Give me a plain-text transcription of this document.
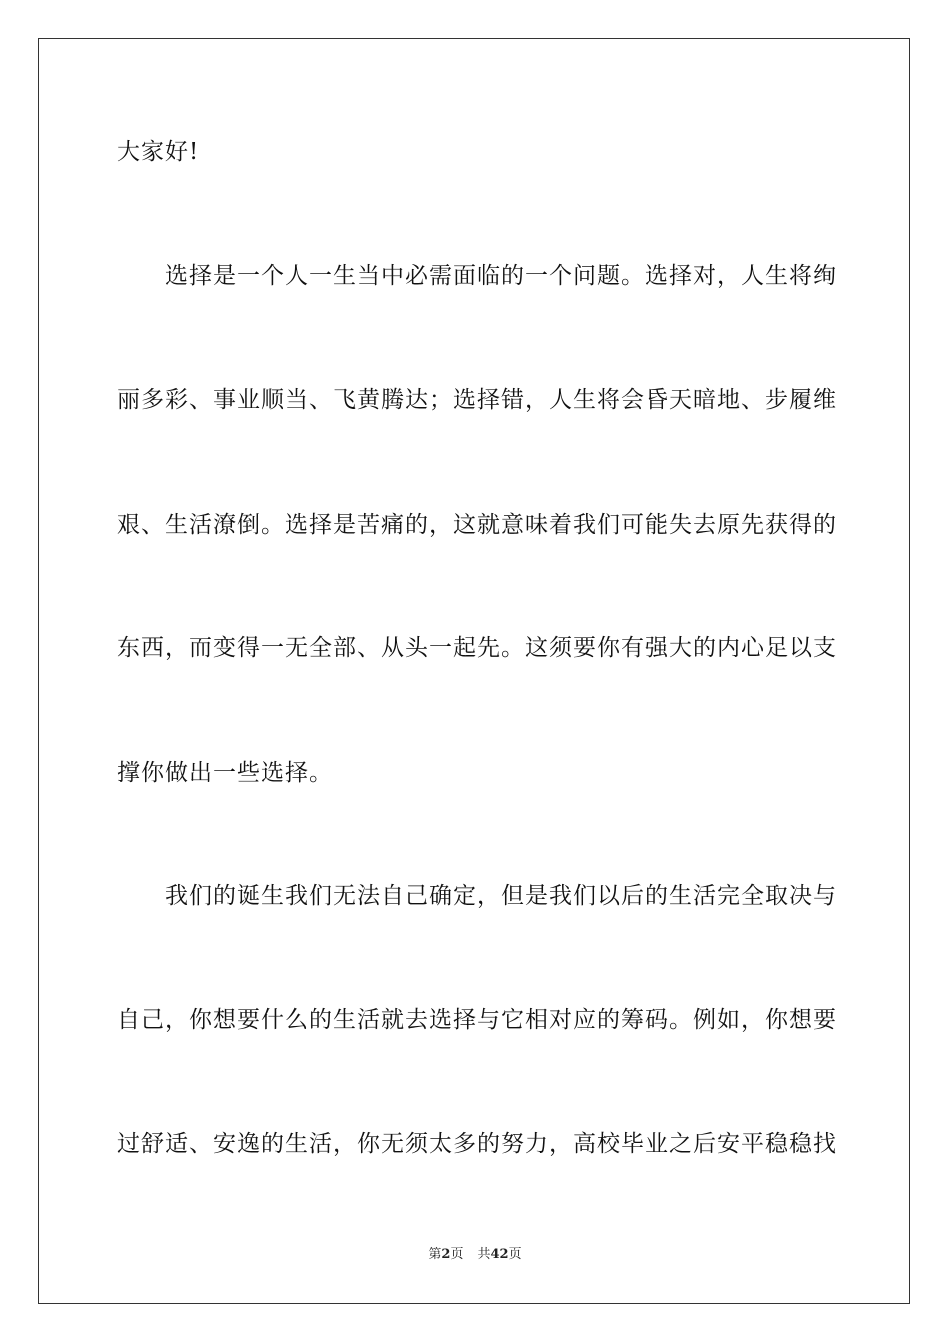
大家好!
选择是一个人一生当中必需面临的一个问题。选择对，人生将绚
丽多彩、事业顺当、飞黄腾达；选择错，人生将会昏天暗地、步履维
艰、生活潦倒。选择是苦痛的，这就意味着我们可能失去原先获得的
东西，而变得一无全部、从头一起先。这须要你有强大的内心足以支
撑你做出一些选择。
我们的诞生我们无法自己确定，但是我们以后的生活完全取决与
自己，你想要什么的生活就去选择与它相对应的筹码。例如，你想要
过舒适、安逸的生活，你无须太多的努力，高校毕业之后安平稳稳找
第2页 共42页
